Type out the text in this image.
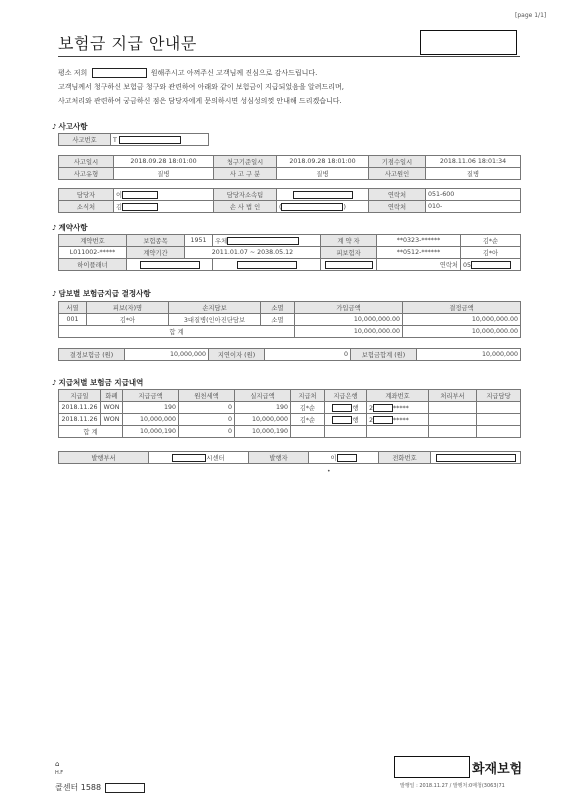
[page 1/1]
보험금 지급 안내문
평소 저희	원해주시고 아껴주신 고객님께 진심으로 감사드립니다.
고객님께서 청구하신 보험금 청구와 관련하여 아래와 같이 보험금이 지급되었음을 알려드리며,
사고처리와 관련하여 궁금하신 점은 담당자에게 문의하시면 성심성의껏 안내해 드리겠습니다.
♪ 사고사항
사고번호	T
사고일시	2018.09.28 18:01:00	청구기준일시	2018.09.28 18:01:00	기점수일시	2018.11.06 18:01:34
사고유형	질병	사 고 구 분	질병	사고원인	질병
담당자	이	담당자소속팀		연락처	051-600
소식처	김	손 사 법 인	( )	연락처	010-
♪ 계약사항
계약번호	보험종목	1951	우체	계 약 자	**0323-******	김*순
L011002-*****	계약기간	2011.01.07 ~ 2038.05.12		피보험자	**0512-******	김*아
하이플래너					연락처	05
♪ 담보별 보험금지급 결정사항
서열	피보(자)명	손지담보	소멸	가입금액	결정금액
001	김*아	3대질병(인아진단담보	소멸	10,000,000.00	10,000,000.00
합 계				10,000,000.00	10,000,000.00
결정보험금 (원)	10,000,000	지연이자 (원)	0	보험금합계 (원)	10,000,000
♪ 지급처별 보험금 지급내역
지급일	화폐	지급금액	원천세액	실지급액	지급처	지급은행	계좌번호	처리부서	지급담당
2018.11.26	WON	190	0	190	김*순	행	2 *****		
2018.11.26	WON	10,000,000	0	10,000,000	김*순	행	2 *****		
합 계		10,000,190	0	10,000,190					
발행부서	시센터	발행자	이	전화번호	
•
⌂
H.F
콜센터 1588
화재보험
발행일 : 2018.11.27 / 발행처:0매청(3063)71
